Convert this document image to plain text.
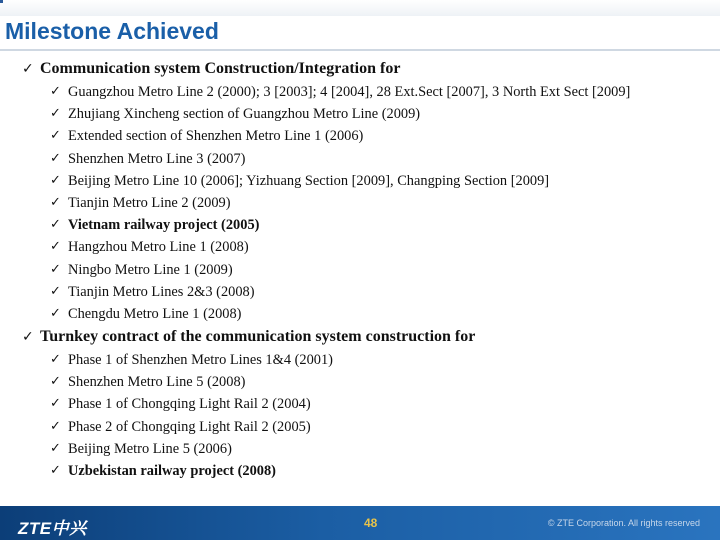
Milestone Achieved
✓ Communication system Construction/Integration for
✓ Guangzhou Metro Line 2 (2000); 3 [2003]; 4 [2004], 28 Ext.Sect [2007], 3 North Ext Sect [2009]
✓ Zhujiang Xincheng section of Guangzhou Metro Line (2009)
✓ Extended section of Shenzhen Metro Line 1 (2006)
✓ Shenzhen Metro Line 3 (2007)
✓ Beijing Metro Line 10 (2006]; Yizhuang Section [2009], Changping Section [2009]
✓ Tianjin Metro Line 2 (2009)
✓ Vietnam railway project (2005)
✓ Hangzhou Metro Line 1 (2008)
✓ Ningbo Metro Line 1 (2009)
✓ Tianjin Metro Lines 2&3 (2008)
✓ Chengdu Metro Line 1 (2008)
✓ Turnkey contract of the communication system construction for
✓ Phase 1 of Shenzhen Metro Lines 1&4 (2001)
✓ Shenzhen Metro Line 5 (2008)
✓ Phase 1 of Chongqing Light Rail 2 (2004)
✓ Phase 2 of Chongqing Light Rail 2 (2005)
✓ Beijing Metro Line 5 (2006)
✓ Uzbekistan railway project (2008)
ZTE中兴	48	© ZTE Corporation. All rights reserved
